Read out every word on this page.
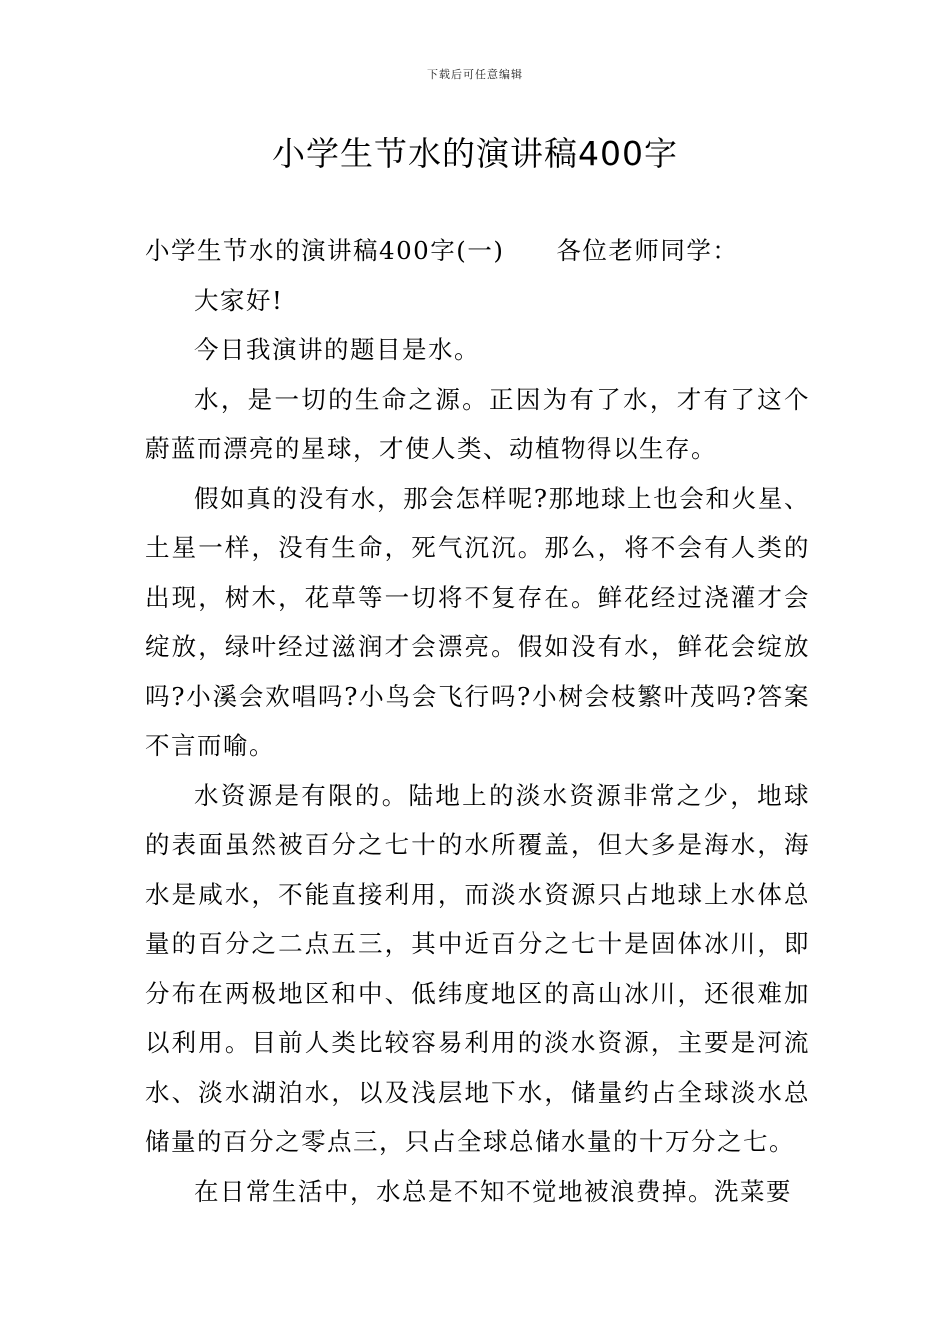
下载后可任意编辑
小学生节水的演讲稿400字

小学生节水的演讲稿400字(一) 各位老师同学：

大家好!

今日我演讲的题目是水。

水，是一切的生命之源。正因为有了水，才有了这个蔚蓝而漂亮的星球，才使人类、动植物得以生存。

假如真的没有水，那会怎样呢?那地球上也会和火星、土星一样，没有生命，死气沉沉。那么，将不会有人类的出现，树木，花草等一切将不复存在。鲜花经过浇灌才会绽放，绿叶经过滋润才会漂亮。假如没有水，鲜花会绽放吗?小溪会欢唱吗?小鸟会飞行吗?小树会枝繁叶茂吗?答案不言而喻。

水资源是有限的。陆地上的淡水资源非常之少，地球的表面虽然被百分之七十的水所覆盖，但大多是海水，海水是咸水，不能直接利用，而淡水资源只占地球上水体总量的百分之二点五三，其中近百分之七十是固体冰川，即分布在两极地区和中、低纬度地区的高山冰川，还很难加以利用。目前人类比较容易利用的淡水资源，主要是河流水、淡水湖泊水，以及浅层地下水，储量约占全球淡水总储量的百分之零点三，只占全球总储水量的十万分之七。

在日常生活中，水总是不知不觉地被浪费掉。洗菜要
